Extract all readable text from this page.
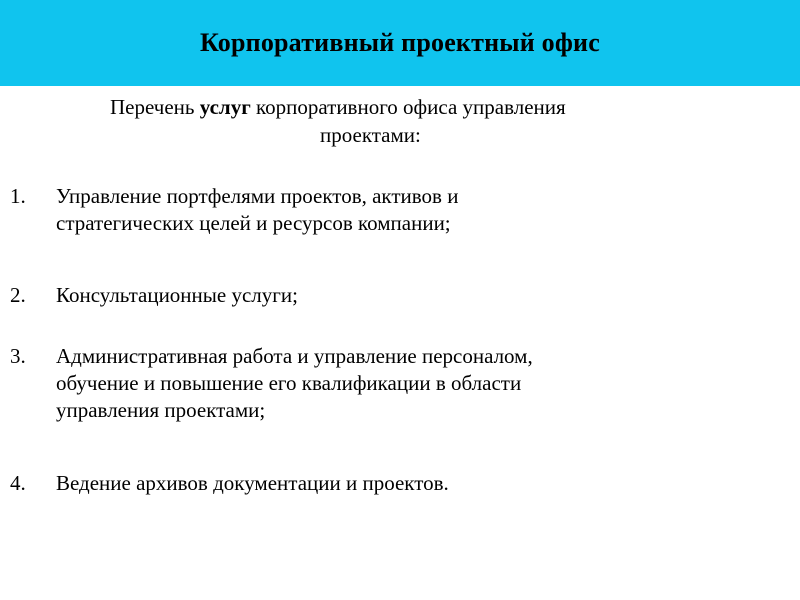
Корпоративный проектный офис
Перечень услуг корпоративного офиса управления
проектами:
1. Управление портфелями проектов, активов и
стратегических целей и ресурсов компании;
2. Консультационные услуги;
3. Административная работа и управление персоналом,
обучение и повышение его квалификации в области
управления проектами;
4. Ведение архивов документации и проектов.
